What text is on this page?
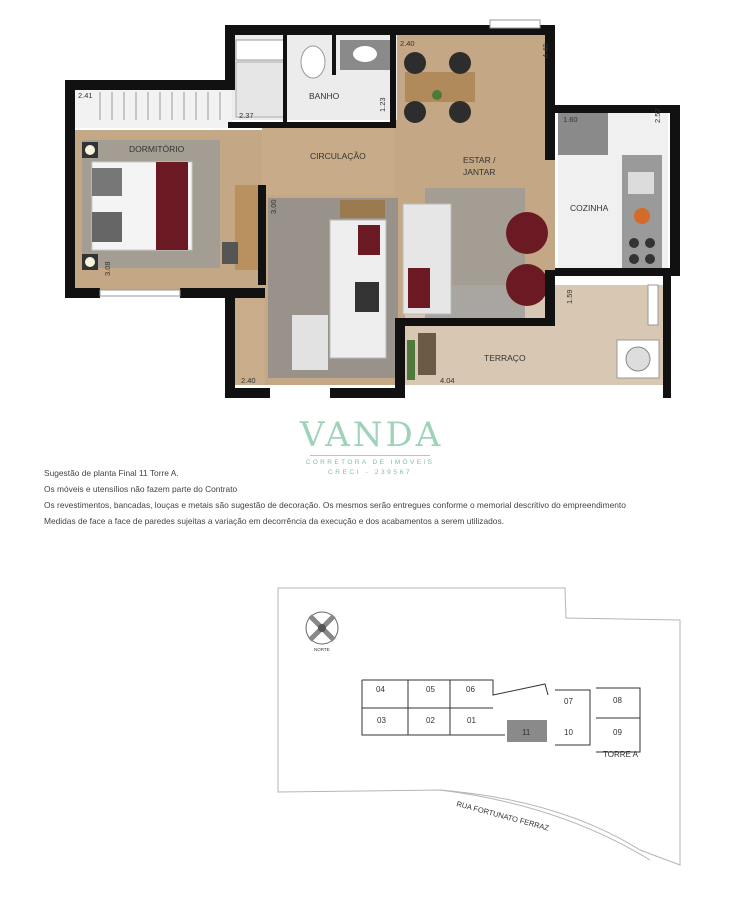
BANHO
DORMITÓRIO
CIRCULAÇÃO	ESTAR /
JANTAR
COZINHA
TERRAÇO
2.41
2.37
1.23
2.40	4.40
1.60	2.52
3.00
3.08
1.59
2.40	4.04
VANDA
CORRETORA DE IMÓVEIS
CRECI - 239567
Sugestão de planta Final 11 Torre A.
Os móveis e utensílios não fazem parte do Contrato
Os revestimentos, bancadas, louças e metais são sugestão de decoração. Os mesmos serão entregues conforme o memorial descritivo do empreendimento
Medidas de face a face de paredes sujeitas a variação em decorrência da execução e dos acabamentos a serem utilizados.
NORTE
04	05	06
03	02	01
11
07
10
08
09
TORRE A
RUA FORTUNATO FERRAZ
